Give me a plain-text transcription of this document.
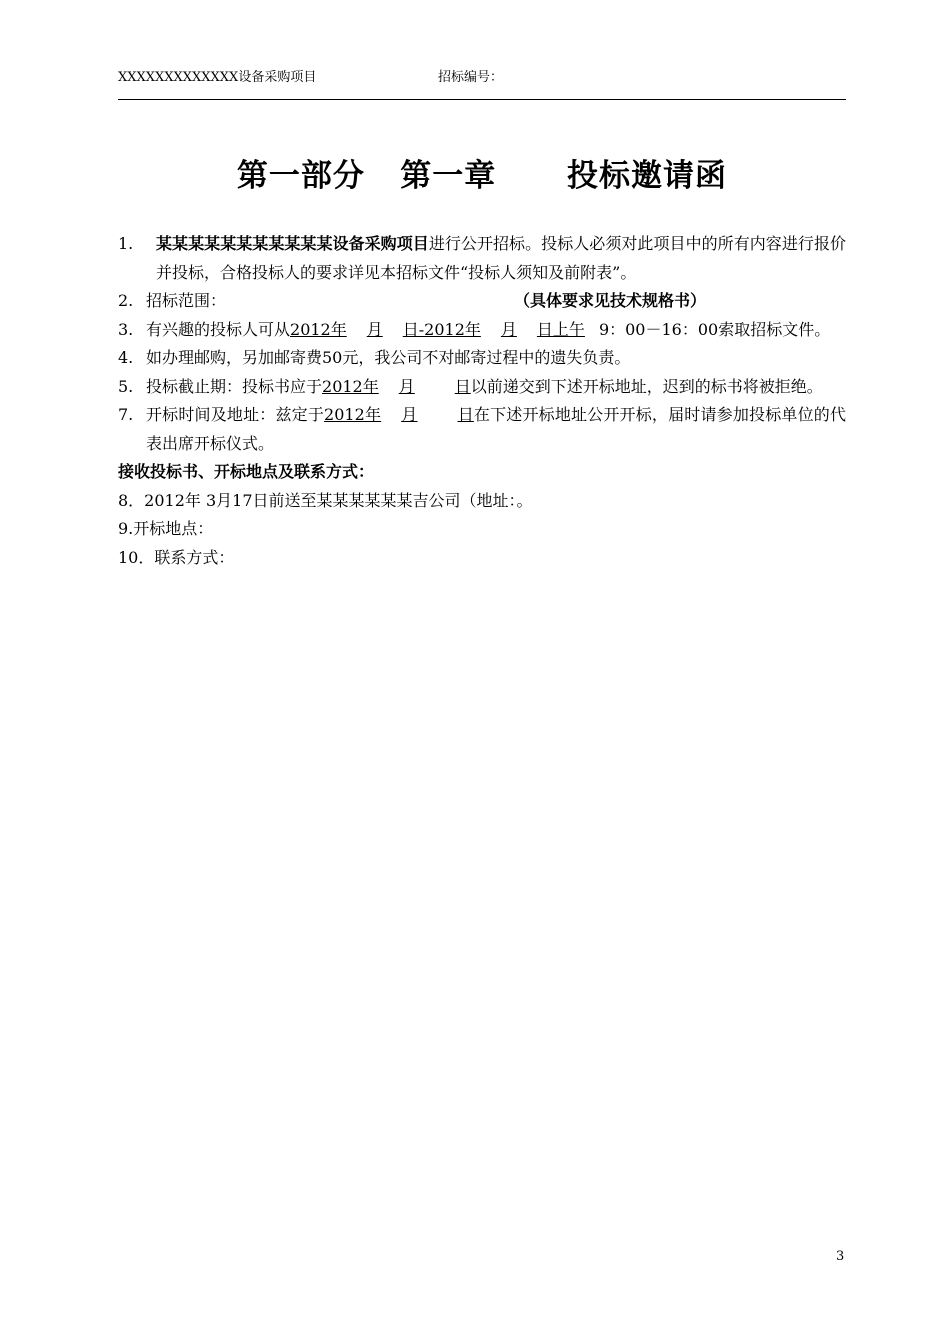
XXXXXXXXXXXXX设备采购项目	招标编号：
第一部分   第一章      投标邀请函
1.	某某某某某某某某某某某设备采购项目进行公开招标。投标人必须对此项目中的所有内容进行报价并投标，合格投标人的要求详见本招标文件“投标人须知及前附表”。
2. 招标范围：	（具体要求见技术规格书）
3. 有兴趣的投标人可从2012年 月 日-2012年 月 日上午 9：00－16：00索取招标文件。
4. 如办理邮购，另加邮寄费50元，我公司不对邮寄过程中的遗失负责。
5. 投标截止期：投标书应于2012年 月	日以前递交到下述开标地址，迟到的标书将被拒绝。
7. 开标时间及地址：兹定于2012年 月	日在下述开标地址公开开标，届时请参加投标单位的代表出席开标仪式。
接收投标书、开标地点及联系方式：
8．2012年 3月17日前送至某某某某某某吉公司（地址：。
9.开标地点：
10．联系方式：
3
